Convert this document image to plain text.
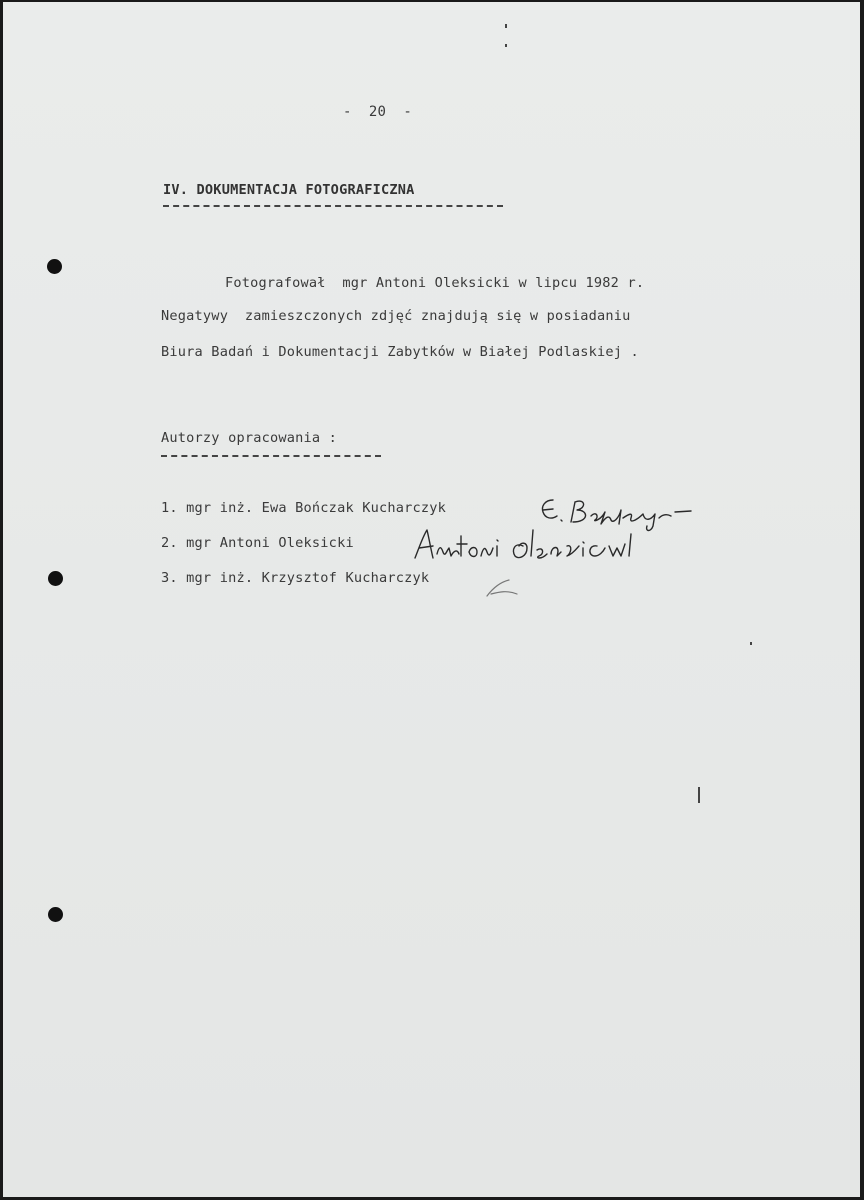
-  20  -
IV. DOKUMENTACJA FOTOGRAFICZNA
Fotografował  mgr Antoni Oleksicki w lipcu 1982 r.
Negatywy  zamieszczonych zdjęć znajdują się w posiadaniu
Biura Badań i Dokumentacji Zabytków w Białej Podlaskiej .
Autorzy opracowania :
1. mgr inż. Ewa Bończak Kucharczyk
2. mgr Antoni Oleksicki
3. mgr inż. Krzysztof Kucharczyk
